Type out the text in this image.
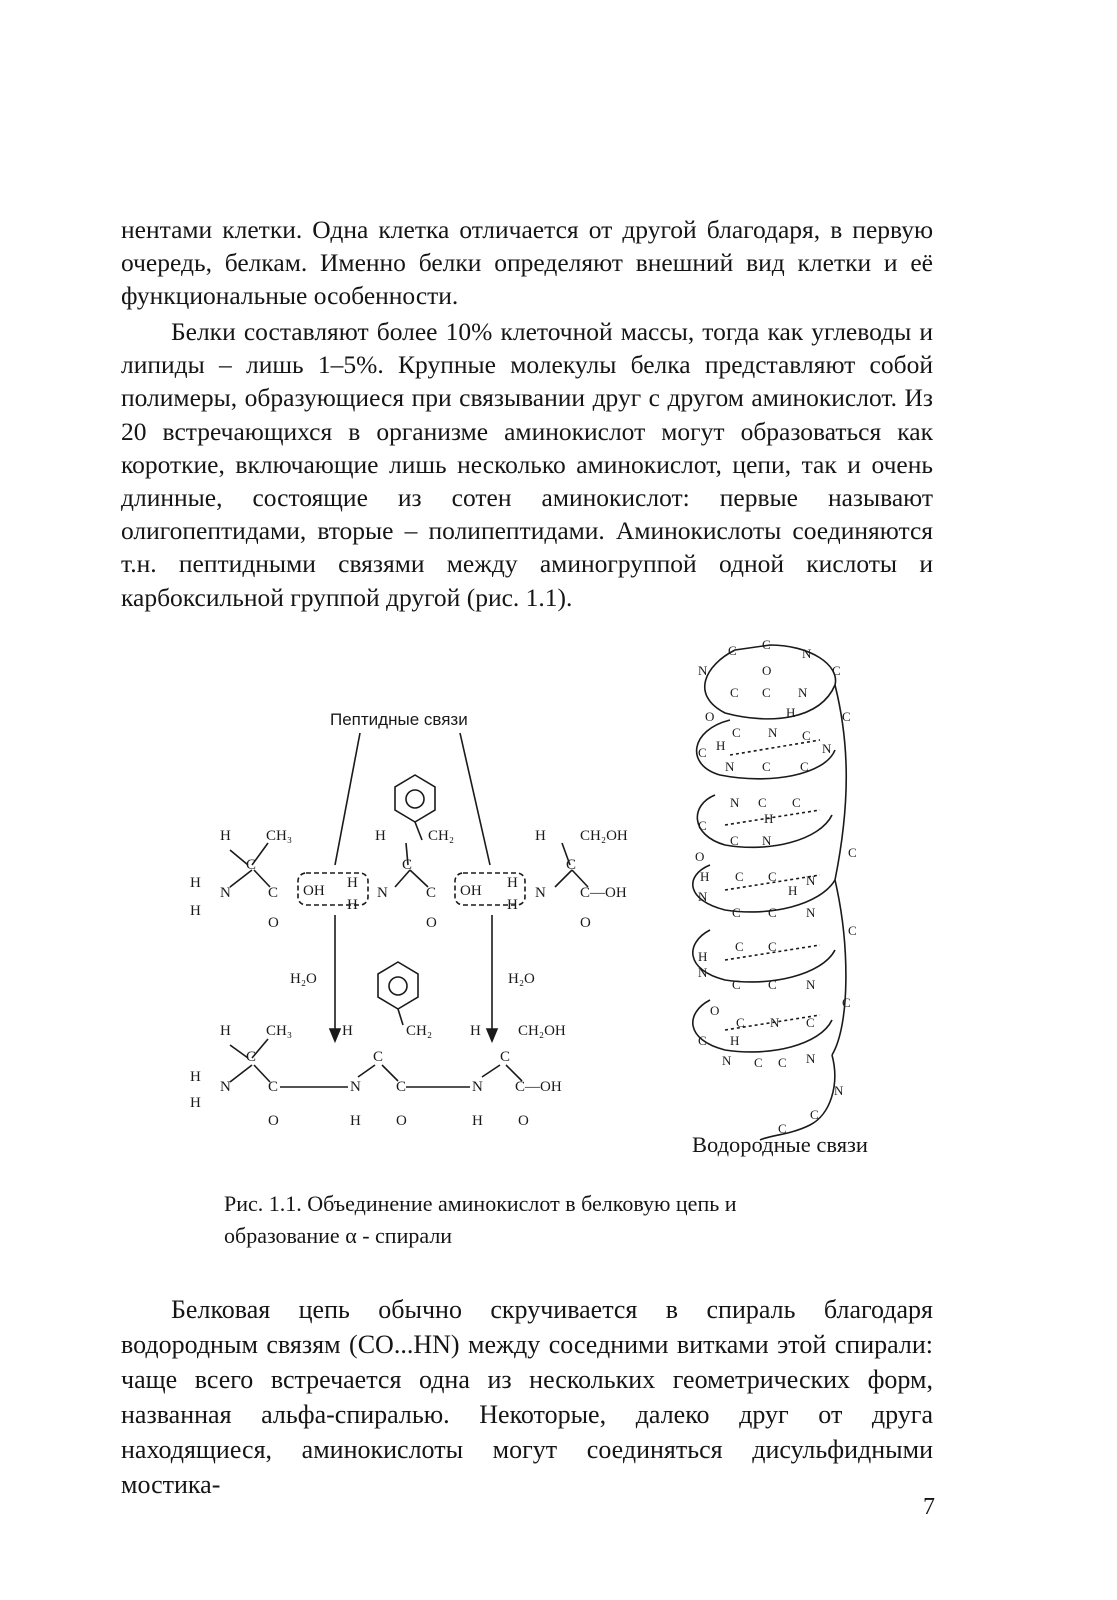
нентами клетки. Одна клетка отличается от другой благодаря, в первую очередь, белкам. Именно белки определяют внешний вид клетки и её функциональные особенности.

Белки составляют более 10% клеточной массы, тогда как углеводы и липиды – лишь 1–5%. Крупные молекулы белка представляют собой полимеры, образующиеся при связывании друг с другом аминокислот. Из 20 встречающихся в организме аминокислот могут образоваться как короткие, включающие лишь несколько аминокислот, цепи, так и очень длинные, состоящие из сотен аминокислот: первые называют олигопептидами, вторые – полипептидами. Аминокислоты соединяются т.н. пептидными связями между аминогруппой одной кислоты и карбоксильной группой другой (рис. 1.1).

Пептидные связи
H CH₃
C
H
N
H
C
O
OH H
H
N
H	CH₂
C
C
O
OH H
H
N
H CH₂OH
C
C—OH
O
H₂O	H₂O
H CH₃
C
H
N
H
C
O
N
H
H	CH₂
C
C
O
N
H
H CH₂OH
C
C—OH
O
C C
N
C
N	O
C C N
O	H	C
C N C
C H	N
N C C
N C C
H
C
C N
O	C
H C C N
N	H
C C N
C
C C
H
N
C C N
C
O
C N C
C H
N C C N
N
C
C
Водородные связи
Рис. 1.1. Объединение аминокислот в белковую цепь и
образование α - спирали

Белковая цепь обычно скручивается в спираль благодаря водородным связям (CO...HN) между соседними витками этой спирали: чаще всего встречается одна из нескольких геометрических форм, названная альфа-спиралью. Некоторые, далеко друг от друга находящиеся, аминокислоты могут соединяться дисульфидными мостика-

7
